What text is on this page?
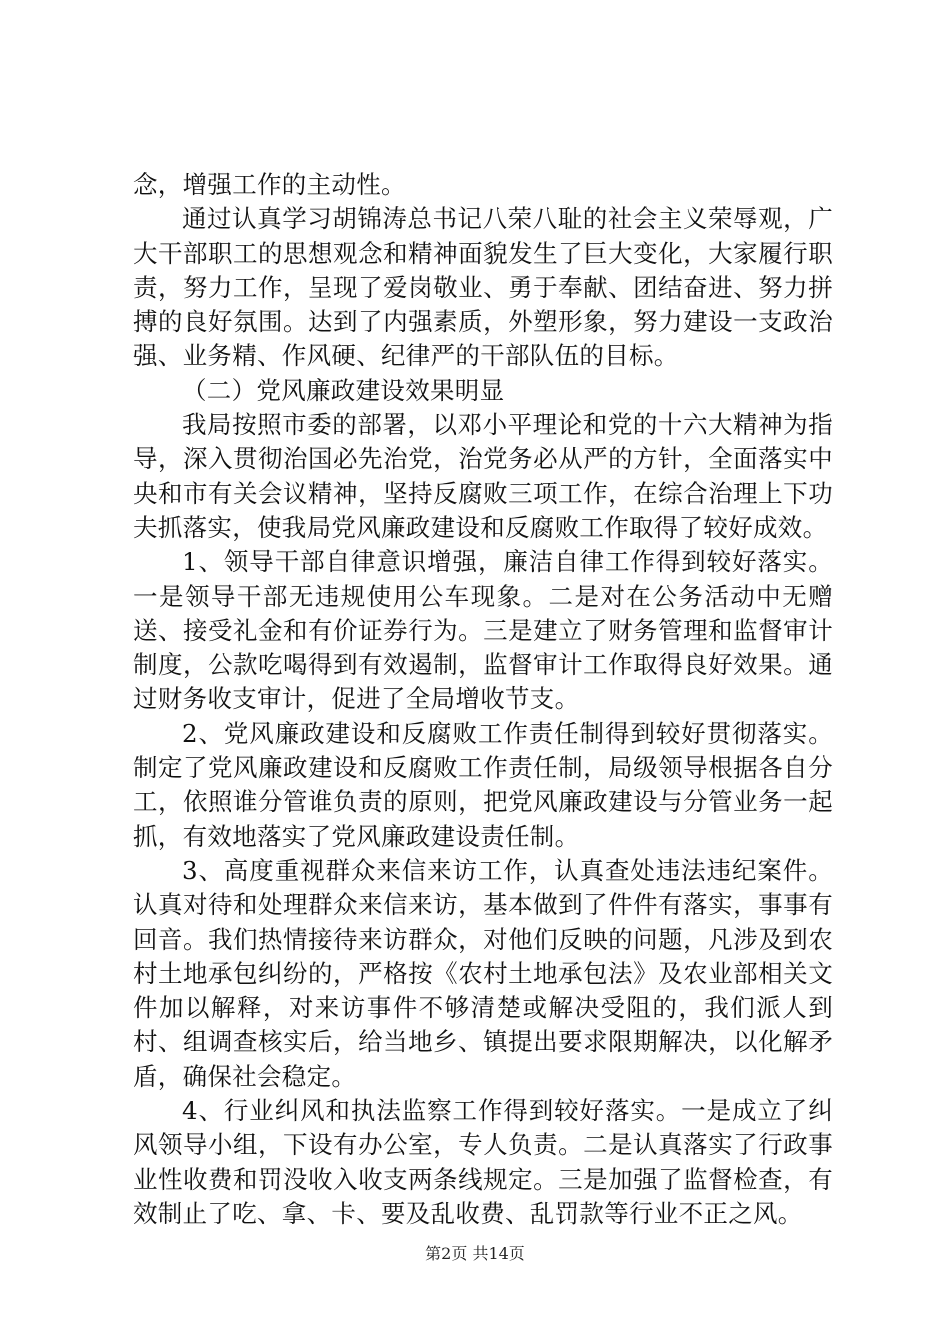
念，增强工作的主动性。

通过认真学习胡锦涛总书记八荣八耻的社会主义荣辱观，广大干部职工的思想观念和精神面貌发生了巨大变化，大家履行职责，努力工作，呈现了爱岗敬业、勇于奉献、团结奋进、努力拼搏的良好氛围。达到了内强素质，外塑形象，努力建设一支政治强、业务精、作风硬、纪律严的干部队伍的目标。

（二）党风廉政建设效果明显

我局按照市委的部署，以邓小平理论和党的十六大精神为指导，深入贯彻治国必先治党，治党务必从严的方针，全面落实中央和市有关会议精神，坚持反腐败三项工作，在综合治理上下功夫抓落实，使我局党风廉政建设和反腐败工作取得了较好成效。

1、领导干部自律意识增强，廉洁自律工作得到较好落实。一是领导干部无违规使用公车现象。二是对在公务活动中无赠送、接受礼金和有价证券行为。三是建立了财务管理和监督审计制度，公款吃喝得到有效遏制，监督审计工作取得良好效果。通过财务收支审计，促进了全局增收节支。

2、党风廉政建设和反腐败工作责任制得到较好贯彻落实。制定了党风廉政建设和反腐败工作责任制，局级领导根据各自分工，依照谁分管谁负责的原则，把党风廉政建设与分管业务一起抓，有效地落实了党风廉政建设责任制。

3、高度重视群众来信来访工作，认真查处违法违纪案件。认真对待和处理群众来信来访，基本做到了件件有落实，事事有回音。我们热情接待来访群众，对他们反映的问题，凡涉及到农村土地承包纠纷的，严格按《农村土地承包法》及农业部相关文件加以解释，对来访事件不够清楚或解决受阻的，我们派人到村、组调查核实后，给当地乡、镇提出要求限期解决，以化解矛盾，确保社会稳定。

4、行业纠风和执法监察工作得到较好落实。一是成立了纠风领导小组，下设有办公室，专人负责。二是认真落实了行政事业性收费和罚没收入收支两条线规定。三是加强了监督检查，有效制止了吃、拿、卡、要及乱收费、乱罚款等行业不正之风。

第2页 共14页
